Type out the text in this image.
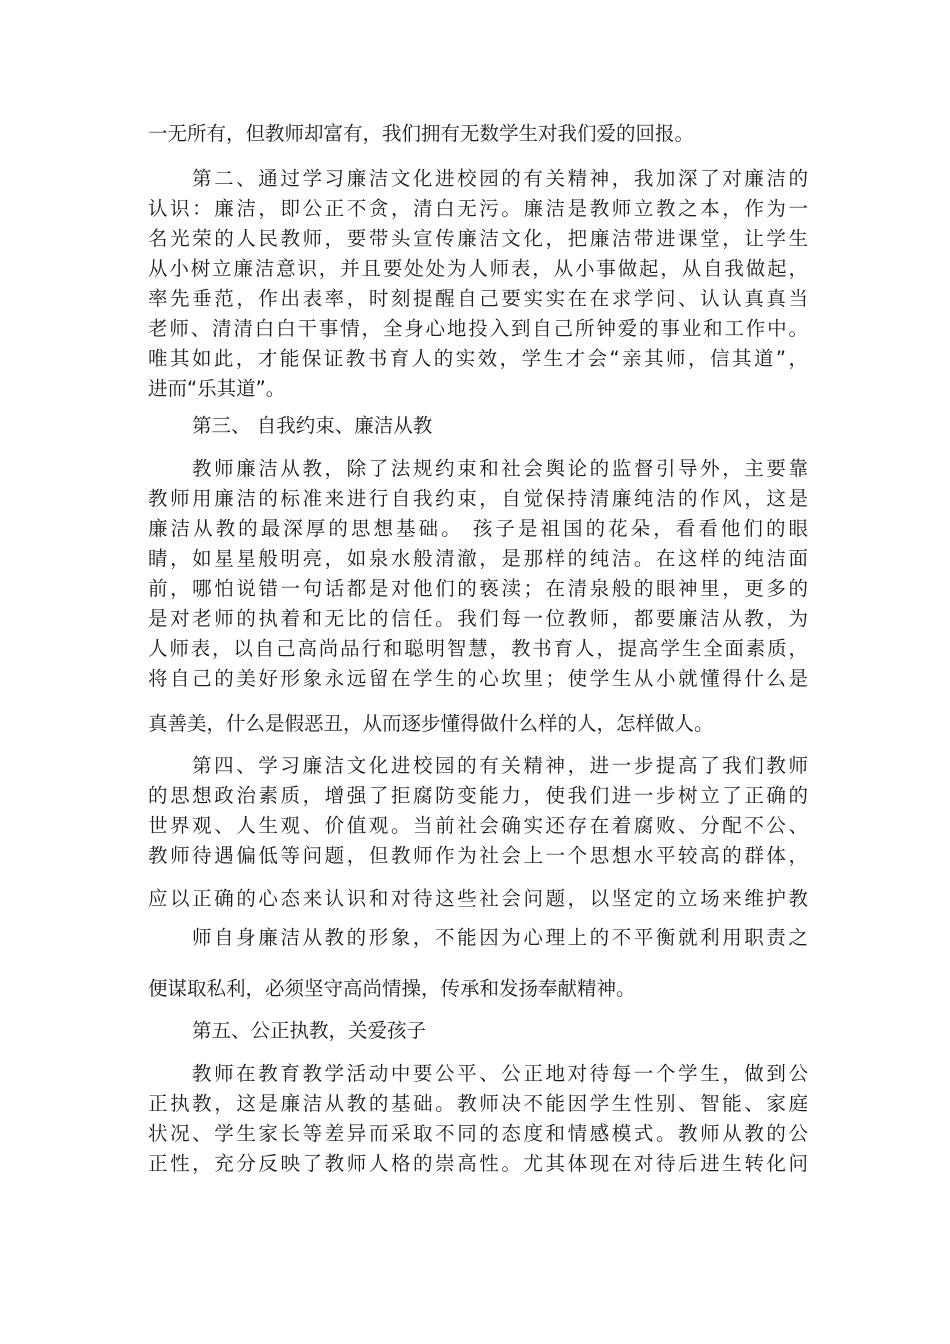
一无所有，但教师却富有，我们拥有无数学生对我们爱的回报。
第二、通过学习廉洁文化进校园的有关精神，我加深了对廉洁的
认识：廉洁，即公正不贪，清白无污。廉洁是教师立教之本，作为一
名光荣的人民教师，要带头宣传廉洁文化，把廉洁带进课堂，让学生
从小树立廉洁意识，并且要处处为人师表，从小事做起，从自我做起，
率先垂范，作出表率，时刻提醒自己要实实在在求学问、认认真真当
老师、清清白白干事情，全身心地投入到自己所钟爱的事业和工作中。
唯其如此，才能保证教书育人的实效，学生才会“亲其师，信其道”，
进而“乐其道”。
第三、 自我约束、廉洁从教
教师廉洁从教，除了法规约束和社会舆论的监督引导外，主要靠
教师用廉洁的标准来进行自我约束，自觉保持清廉纯洁的作风，这是
廉洁从教的最深厚的思想基础。 孩子是祖国的花朵，看看他们的眼
睛，如星星般明亮，如泉水般清澈，是那样的纯洁。在这样的纯洁面
前，哪怕说错一句话都是对他们的亵渎；在清泉般的眼神里，更多的
是对老师的执着和无比的信任。我们每一位教师，都要廉洁从教，为
人师表，以自己高尚品行和聪明智慧，教书育人，提高学生全面素质，
将自己的美好形象永远留在学生的心坎里；使学生从小就懂得什么是
真善美，什么是假恶丑，从而逐步懂得做什么样的人，怎样做人。
第四、学习廉洁文化进校园的有关精神，进一步提高了我们教师
的思想政治素质，增强了拒腐防变能力，使我们进一步树立了正确的
世界观、人生观、价值观。当前社会确实还存在着腐败、分配不公、
教师待遇偏低等问题，但教师作为社会上一个思想水平较高的群体，
应以正确的心态来认识和对待这些社会问题，以坚定的立场来维护教
师自身廉洁从教的形象，不能因为心理上的不平衡就利用职责之
便谋取私利，必须坚守高尚情操，传承和发扬奉献精神。
第五、公正执教，关爱孩子
教师在教育教学活动中要公平、公正地对待每一个学生，做到公
正执教，这是廉洁从教的基础。教师决不能因学生性别、智能、家庭
状况、学生家长等差异而采取不同的态度和情感模式。教师从教的公
正性，充分反映了教师人格的崇高性。尤其体现在对待后进生转化问
